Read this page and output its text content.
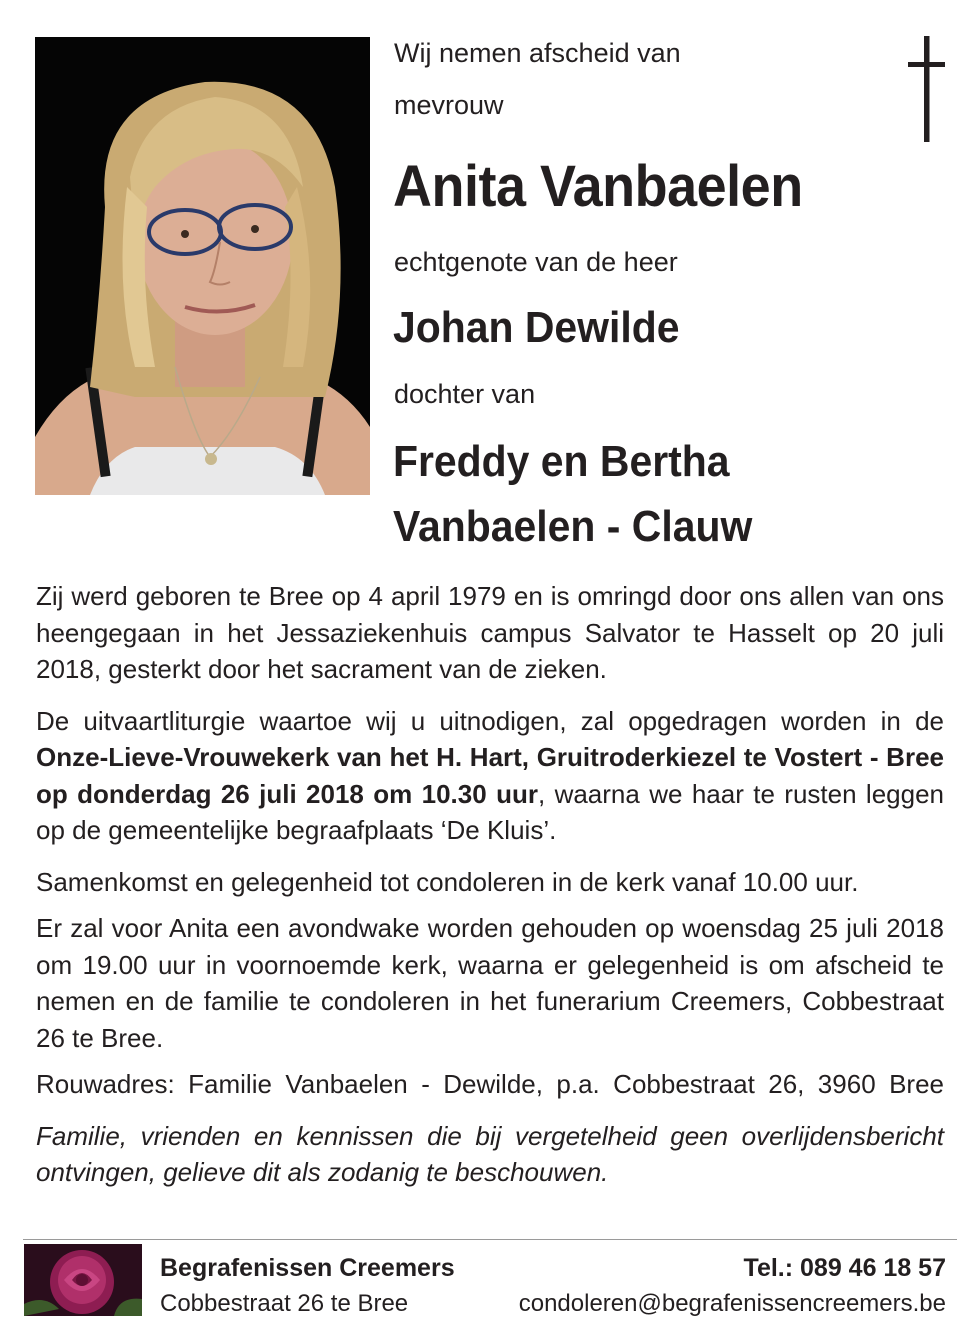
Wij nemen afscheid van
mevrouw
Anita Vanbaelen
echtgenote van de heer
Johan Dewilde
dochter van
Freddy en Bertha
Vanbaelen - Clauw

Zij werd geboren te Bree op 4 april 1979 en is omringd door ons allen van ons heengegaan in het Jessaziekenhuis campus Salvator te Hasselt op 20 juli 2018, gesterkt door het sacrament van de zieken.

De uitvaartliturgie waartoe wij u uitnodigen, zal opgedragen worden in de Onze-Lieve-Vrouwekerk van het H. Hart, Gruitroderkiezel te Vostert - Bree op donderdag 26 juli 2018 om 10.30 uur, waarna we haar te rusten leggen op de gemeentelijke begraafplaats ‘De Kluis’.

Samenkomst en gelegenheid tot condoleren in de kerk vanaf 10.00 uur.

Er zal voor Anita een avondwake worden gehouden op woensdag 25 juli 2018 om 19.00 uur in voornoemde kerk, waarna er gelegenheid is om afscheid te nemen en de familie te condoleren in het funerarium Creemers, Cobbestraat 26 te Bree.

Rouwadres: Familie Vanbaelen - Dewilde, p.a. Cobbestraat 26, 3960 Bree

Familie, vrienden en kennissen die bij vergetelheid geen overlijdensbericht ontvingen, gelieve dit als zodanig te beschouwen.
Begrafenissen Creemers
Cobbestraat 26 te Bree
Tel.: 089 46 18 57
condoleren@begrafenissencreemers.be
